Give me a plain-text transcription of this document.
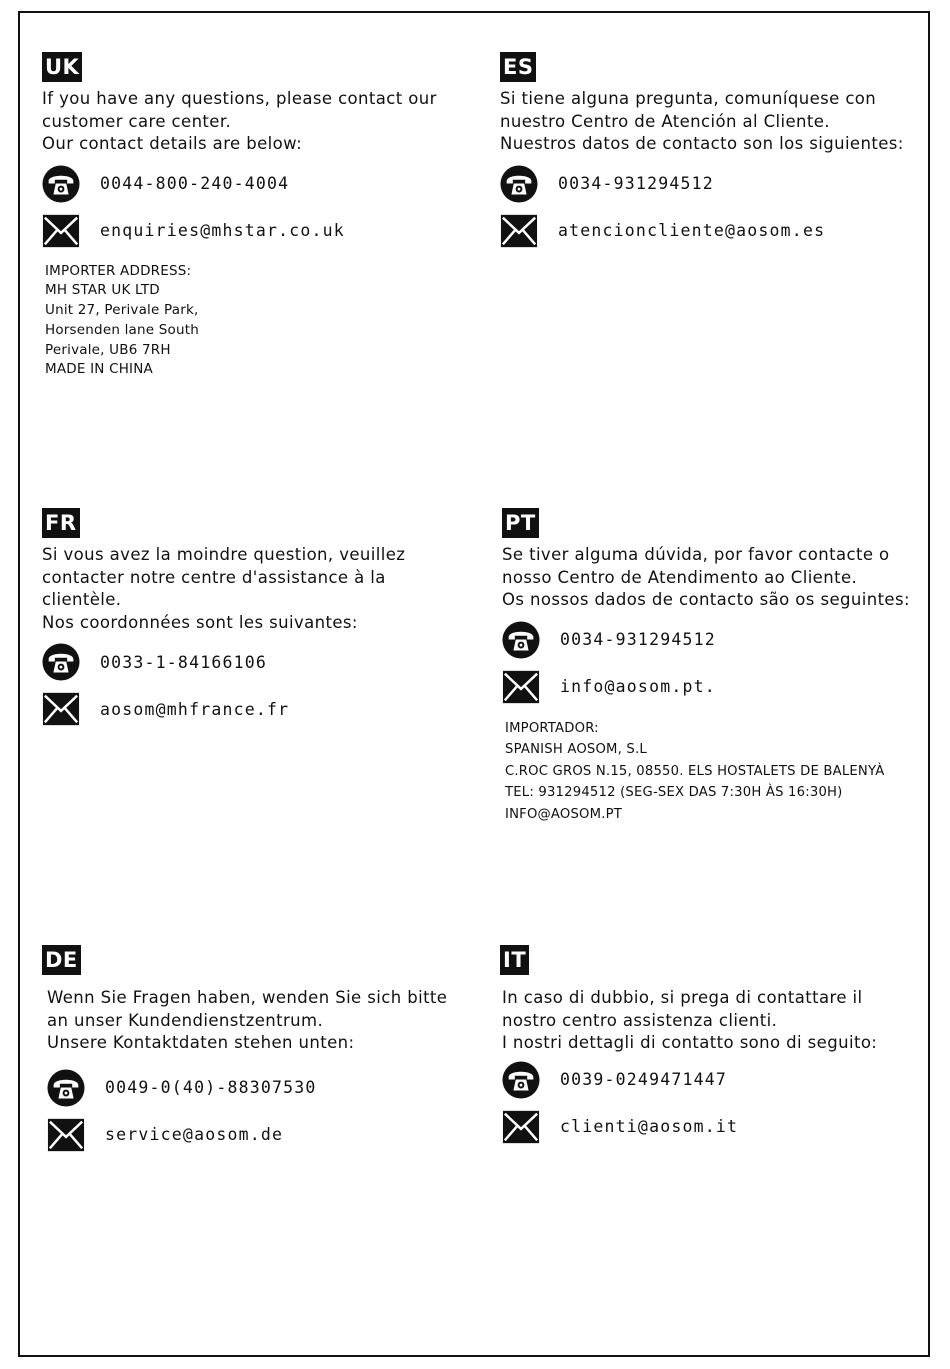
UK
If you have any questions, please contact our
customer care center.
Our contact details are below:
0044-800-240-4004
enquiries@mhstar.co.uk
IMPORTER ADDRESS:
MH STAR UK LTD
Unit 27, Perivale Park,
Horsenden lane South
Perivale, UB6 7RH
MADE IN CHINA
ES
Si tiene alguna pregunta, comuníquese con
nuestro Centro de Atención al Cliente.
Nuestros datos de contacto son los siguientes:
0034-931294512
atencioncliente@aosom.es
FR
Si vous avez la moindre question, veuillez
contacter notre centre d'assistance à la
clientèle.
Nos coordonnées sont les suivantes:
0033-1-84166106
aosom@mhfrance.fr
PT
Se tiver alguma dúvida, por favor contacte o
nosso Centro de Atendimento ao Cliente.
Os nossos dados de contacto são os seguintes:
0034-931294512
info@aosom.pt.
IMPORTADOR:
SPANISH AOSOM, S.L
C.ROC GROS N.15, 08550. ELS HOSTALETS DE BALENYÀ
TEL: 931294512 (SEG-SEX DAS 7:30H ÀS 16:30H)
INFO@AOSOM.PT
DE
Wenn Sie Fragen haben, wenden Sie sich bitte
an unser Kundendienstzentrum.
Unsere Kontaktdaten stehen unten:
0049-0(40)-88307530
service@aosom.de
IT
In caso di dubbio, si prega di contattare il
nostro centro assistenza clienti.
I nostri dettagli di contatto sono di seguito:
0039-0249471447
clienti@aosom.it
